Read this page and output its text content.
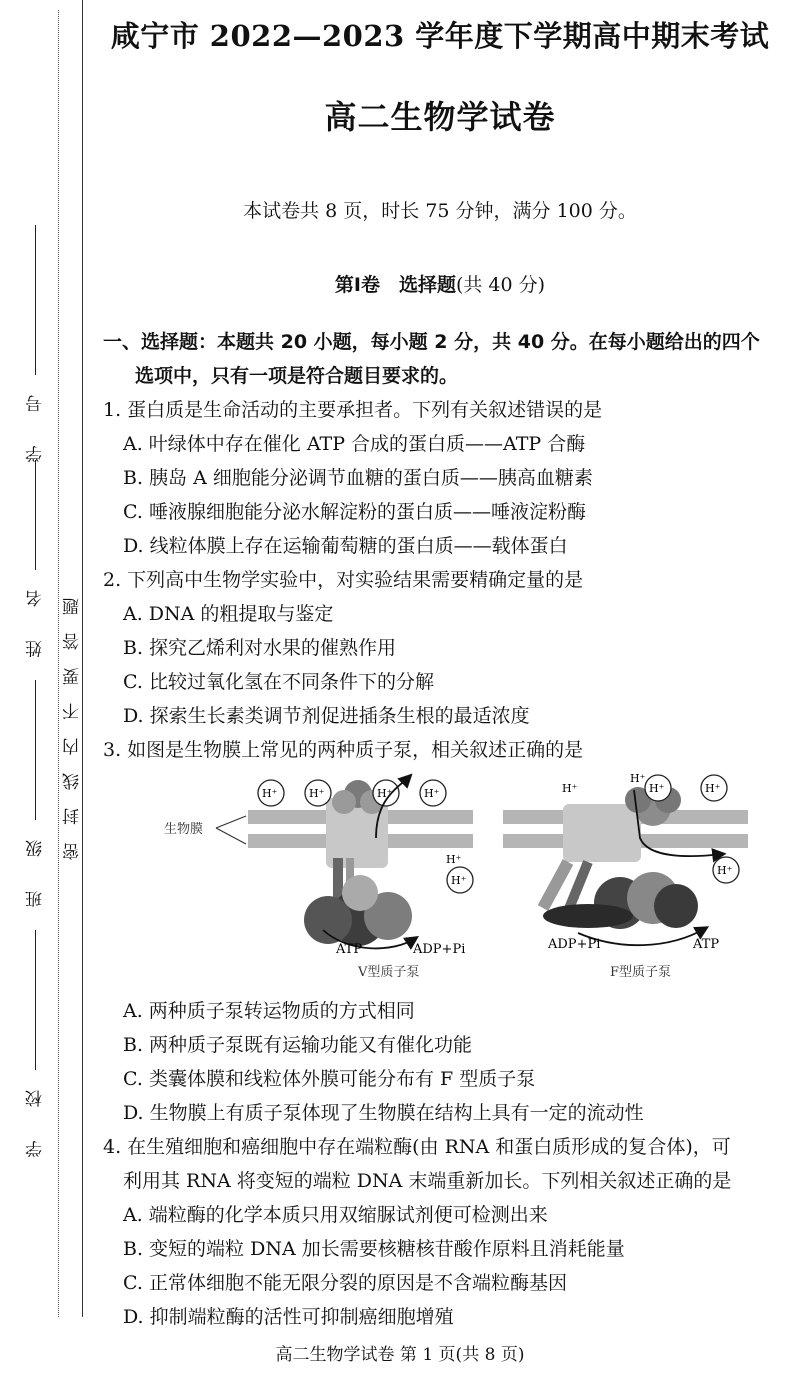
学 号
姓 名
班 级
学 校
密封线内不要答题
咸宁市 2022—2023 学年度下学期高中期末考试
高二生物学试卷
本试卷共 8 页，时长 75 分钟，满分 100 分。
第Ⅰ卷　选择题(共 40 分)
一、选择题：本题共 20 小题，每小题 2 分，共 40 分。在每小题给出的四个
选项中，只有一项是符合题目要求的。
1. 蛋白质是生命活动的主要承担者。下列有关叙述错误的是
A. 叶绿体中存在催化 ATP 合成的蛋白质——ATP 合酶
B. 胰岛 A 细胞能分泌调节血糖的蛋白质——胰高血糖素
C. 唾液腺细胞能分泌水解淀粉的蛋白质——唾液淀粉酶
D. 线粒体膜上存在运输葡萄糖的蛋白质——载体蛋白
2. 下列高中生物学实验中，对实验结果需要精确定量的是
A. DNA 的粗提取与鉴定
B. 探究乙烯利对水果的催熟作用
C. 比较过氧化氢在不同条件下的分解
D. 探索生长素类调节剂促进插条生根的最适浓度
3. 如图是生物膜上常见的两种质子泵，相关叙述正确的是
生物膜
H⁺	H⁺	H⁺	H⁺
H⁺
H⁺
ATP	ADP+Pi
V型质子泵
H⁺
H⁺
H⁺	H⁺
H⁺
ADP+Pi	ATP
F型质子泵
A. 两种质子泵转运物质的方式相同
B. 两种质子泵既有运输功能又有催化功能
C. 类囊体膜和线粒体外膜可能分布有 F 型质子泵
D. 生物膜上有质子泵体现了生物膜在结构上具有一定的流动性
4. 在生殖细胞和癌细胞中存在端粒酶(由 RNA 和蛋白质形成的复合体)，可
利用其 RNA 将变短的端粒 DNA 末端重新加长。下列相关叙述正确的是
A. 端粒酶的化学本质只用双缩脲试剂便可检测出来
B. 变短的端粒 DNA 加长需要核糖核苷酸作原料且消耗能量
C. 正常体细胞不能无限分裂的原因是不含端粒酶基因
D. 抑制端粒酶的活性可抑制癌细胞增殖
高二生物学试卷 第 1 页(共 8 页)
